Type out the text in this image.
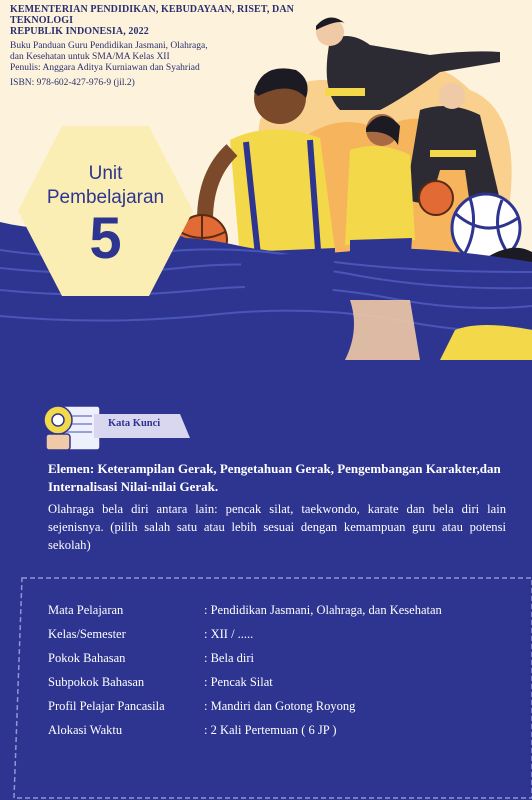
KEMENTERIAN PENDIDIKAN, KEBUDAYAAN, RISET, DAN TEKNOLOGI
REPUBLIK INDONESIA, 2022
Buku Panduan Guru Pendidikan Jasmani, Olahraga,
dan Kesehatan untuk SMA/MA Kelas XII
Penulis: Anggara Aditya Kurniawan dan Syahriad
ISBN: 978-602-427-976-9 (jil.2)
Unit
Pembelajaran
5
Kata Kunci
Elemen: Keterampilan Gerak, Pengetahuan Gerak, Pengembangan Karakter,dan Internalisasi Nilai-nilai Gerak.
Olahraga bela diri antara lain: pencak silat, taekwondo, karate dan bela diri lain sejenisnya. (pilih salah satu atau lebih sesuai dengan kemampuan guru atau potensi sekolah)
Mata Pelajaran	: Pendidikan Jasmani, Olahraga, dan Kesehatan
Kelas/Semester	: XII / .....
Pokok Bahasan	: Bela diri
Subpokok Bahasan	: Pencak Silat
Profil Pelajar Pancasila	: Mandiri dan Gotong Royong
Alokasi Waktu	: 2 Kali Pertemuan ( 6 JP )
